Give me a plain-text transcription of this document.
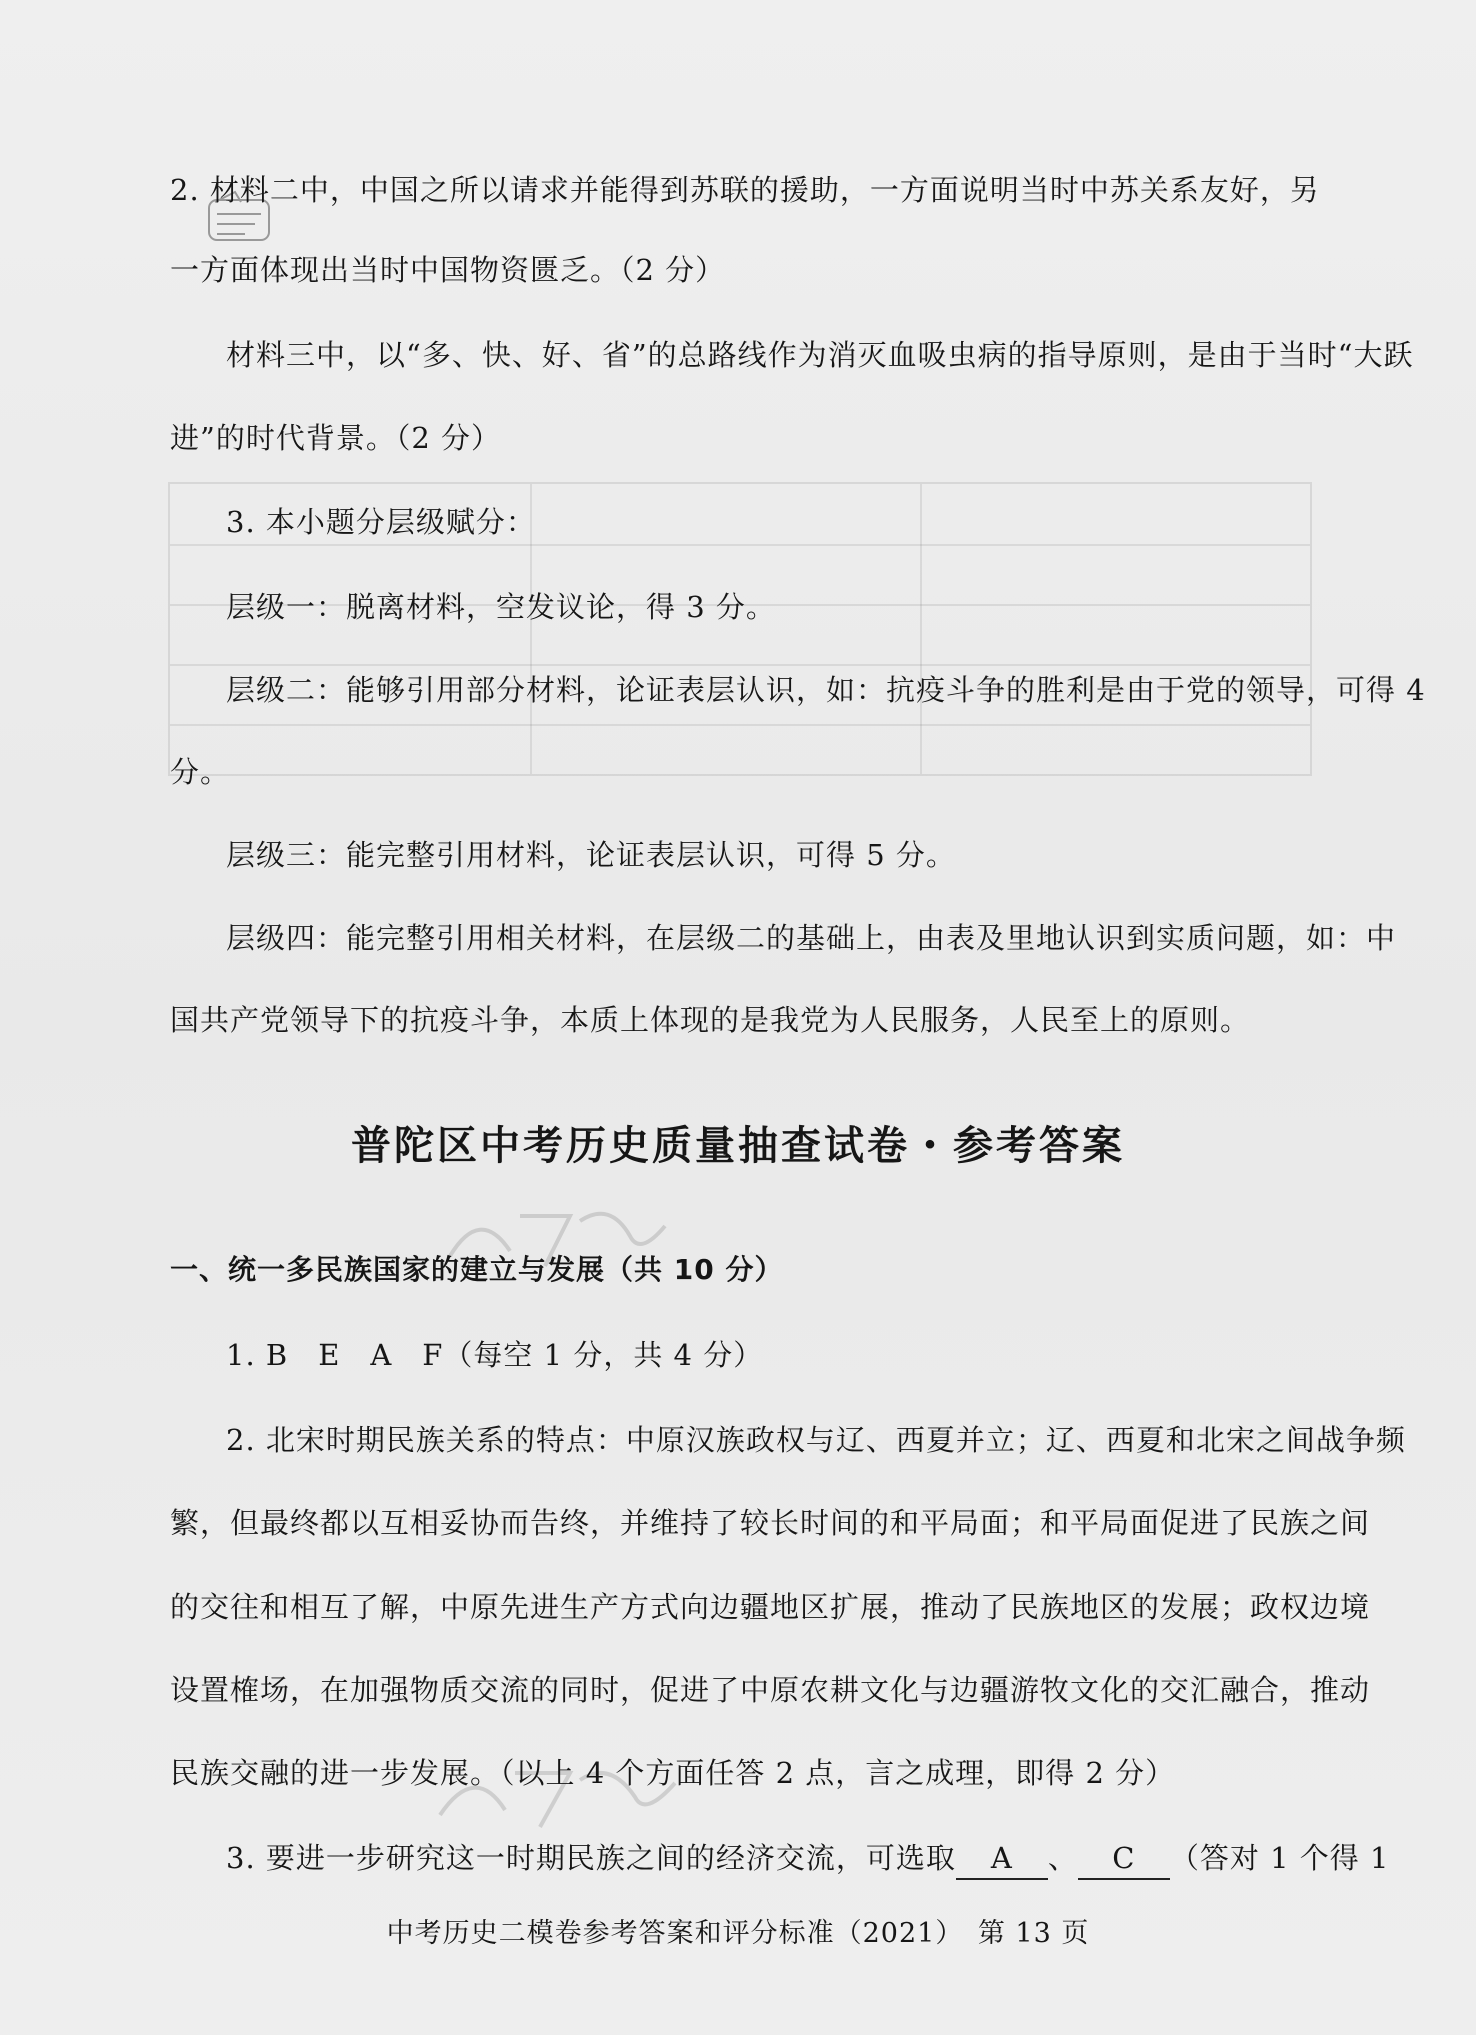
2. 材料二中，中国之所以请求并能得到苏联的援助，一方面说明当时中苏关系友好，另
一方面体现出当时中国物资匮乏。（2 分）
材料三中，以“多、快、好、省”的总路线作为消灭血吸虫病的指导原则，是由于当时“大跃
进”的时代背景。（2 分）
3. 本小题分层级赋分：
层级一：脱离材料，空发议论，得 3 分。
层级二：能够引用部分材料，论证表层认识，如：抗疫斗争的胜利是由于党的领导，可得 4
分。
层级三：能完整引用材料，论证表层认识，可得 5 分。
层级四：能完整引用相关材料，在层级二的基础上，由表及里地认识到实质问题，如：中
国共产党领导下的抗疫斗争，本质上体现的是我党为人民服务，人民至上的原则。
普陀区中考历史质量抽查试卷・参考答案
一、统一多民族国家的建立与发展（共 10 分）
1. B　E　A　F（每空 1 分，共 4 分）
2. 北宋时期民族关系的特点：中原汉族政权与辽、西夏并立；辽、西夏和北宋之间战争频
繁，但最终都以互相妥协而告终，并维持了较长时间的和平局面；和平局面促进了民族之间
的交往和相互了解，中原先进生产方式向边疆地区扩展，推动了民族地区的发展；政权边境
设置榷场，在加强物质交流的同时，促进了中原农耕文化与边疆游牧文化的交汇融合，推动
民族交融的进一步发展。（以上 4 个方面任答 2 点，言之成理，即得 2 分）
3. 要进一步研究这一时期民族之间的经济交流，可选取 A 、 C （答对 1 个得 1
中考历史二模卷参考答案和评分标准（2021）　第 13 页
